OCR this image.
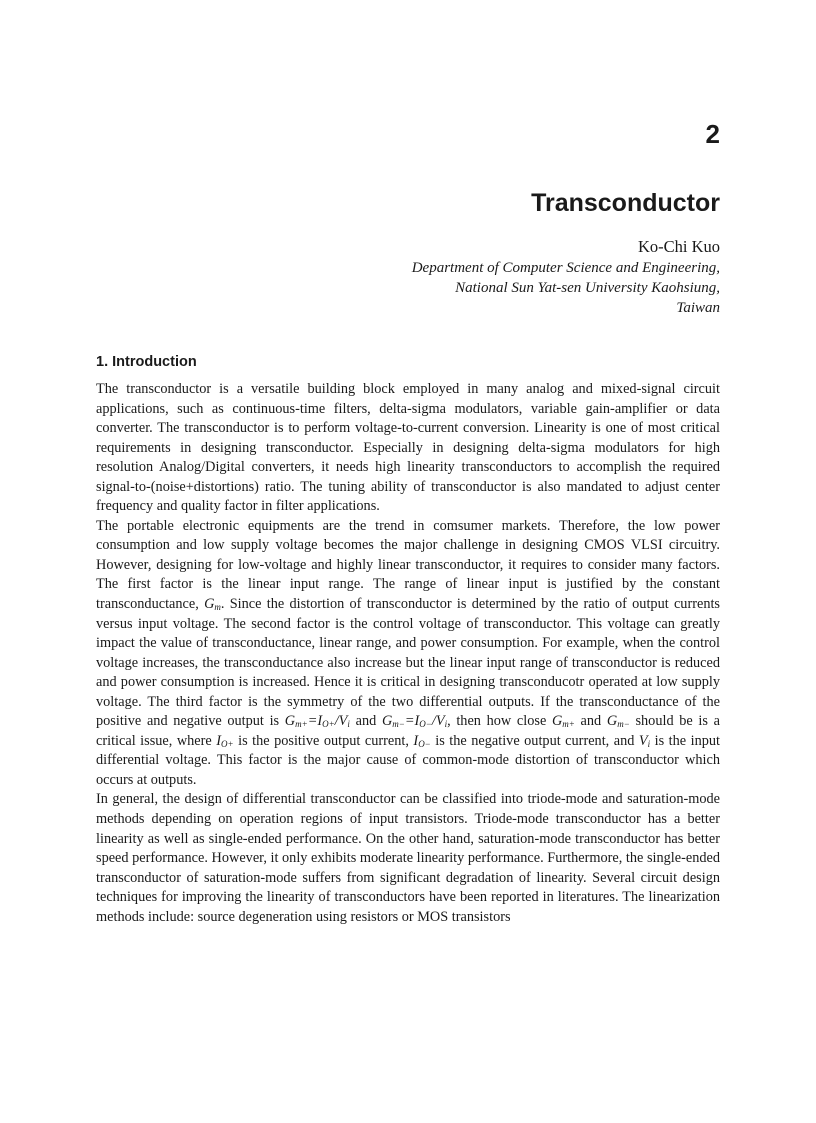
2
Transconductor
Ko-Chi Kuo
Department of Computer Science and Engineering,
National Sun Yat-sen University Kaohsiung,
Taiwan
1. Introduction

The transconductor is a versatile building block employed in many analog and mixed-signal circuit applications, such as continuous-time filters, delta-sigma modulators, variable gain-amplifier or data converter. The transconductor is to perform voltage-to-current conversion. Linearity is one of most critical requirements in designing transconductor. Especially in designing delta-sigma modulators for high resolution Analog/Digital converters, it needs high linearity transconductors to accomplish the required signal-to-(noise+distortions) ratio. The tuning ability of transconductor is also mandated to adjust center frequency and quality factor in filter applications.

The portable electronic equipments are the trend in comsumer markets. Therefore, the low power consumption and low supply voltage becomes the major challenge in designing CMOS VLSI circuitry. However, designing for low-voltage and highly linear transconductor, it requires to consider many factors. The first factor is the linear input range. The range of linear input is justified by the constant transconductance, $G_m$. Since the distortion of transconductor is determined by the ratio of output currents versus input voltage. The second factor is the control voltage of transconductor. This voltage can greatly impact the value of transconductance, linear range, and power consumption. For example, when the control voltage increases, the transconductance also increase but the linear input range of transconductor is reduced and power consumption is increased. Hence it is critical in designing transconducotr operated at low supply voltage. The third factor is the symmetry of the two differential outputs. If the transconductance of the positive and negative output is $G_{m+}=I_{O+}/V_i$ and $G_{m-}=I_{O-}/V_i$, then how close $G_{m+}$ and $G_{m-}$ should be is a critical issue, where $I_{O+}$ is the positive output current, $I_{O-}$ is the negative output current, and $V_i$ is the input differential voltage. This factor is the major cause of common-mode distortion of transconductor which occurs at outputs.

In general, the design of differential transconductor can be classified into triode-mode and saturation-mode methods depending on operation regions of input transistors. Triode-mode transconductor has a better linearity as well as single-ended performance. On the other hand, saturation-mode transconductor has better speed performance. However, it only exhibits moderate linearity performance. Furthermore, the single-ended transconductor of saturation-mode suffers from significant degradation of linearity. Several circuit design techniques for improving the linearity of transconductors have been reported in literatures. The linearization methods include: source degeneration using resistors or MOS transistors
